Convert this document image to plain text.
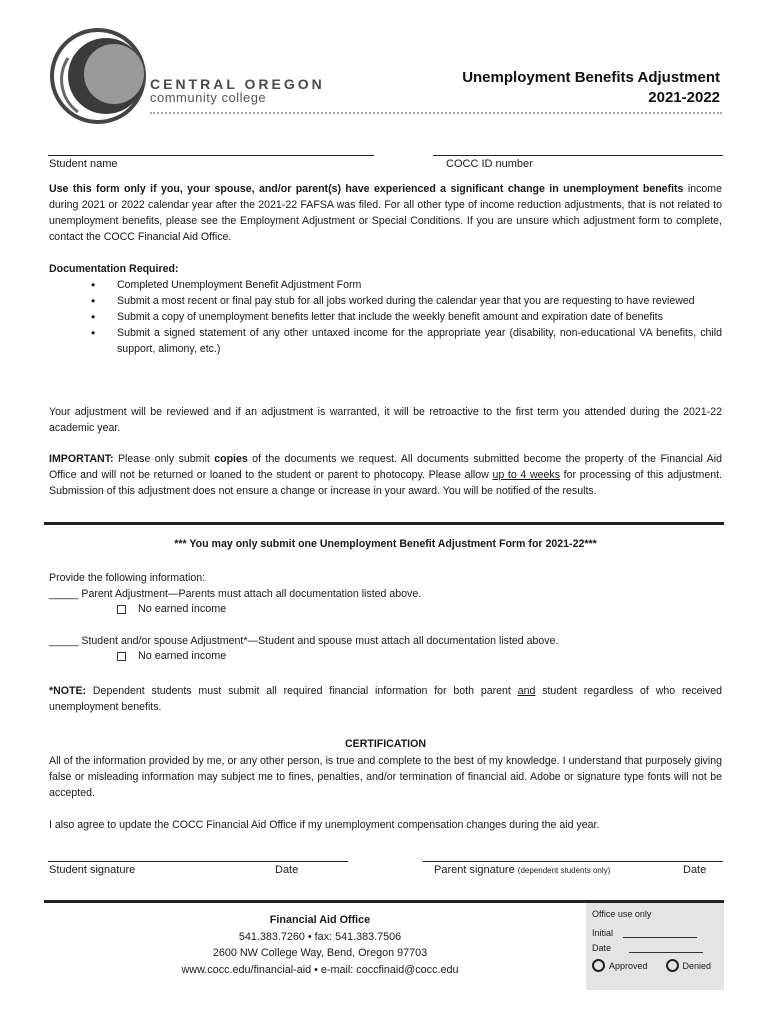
CENTRAL OREGON
community college
Unemployment Benefits Adjustment
2021-2022
Student name	COCC ID number
Use this form only if you, your spouse, and/or parent(s) have experienced a significant change in unemployment benefits income during 2021 or 2022 calendar year after the 2021-22 FAFSA was filed. For all other type of income reduction adjustments, that is not related to unemployment benefits, please see the Employment Adjustment or Special Conditions. If you are unsure which adjustment form to complete, contact the COCC Financial Aid Office.
Documentation Required:
• Completed Unemployment Benefit Adjustment Form
• Submit a most recent or final pay stub for all jobs worked during the calendar year that you are requesting to have reviewed
• Submit a copy of unemployment benefits letter that include the weekly benefit amount and expiration date of benefits
• Submit a signed statement of any other untaxed income for the appropriate year (disability, non-educational VA benefits, child support, alimony, etc.)
Your adjustment will be reviewed and if an adjustment is warranted, it will be retroactive to the first term you attended during the 2021-22 academic year.
IMPORTANT: Please only submit copies of the documents we request. All documents submitted become the property of the Financial Aid Office and will not be returned or loaned to the student or parent to photocopy. Please allow up to 4 weeks for processing of this adjustment. Submission of this adjustment does not ensure a change or increase in your award. You will be notified of the results.
*** You may only submit one Unemployment Benefit Adjustment Form for 2021-22***
Provide the following information:
_____ Parent Adjustment—Parents must attach all documentation listed above.
No earned income
_____ Student and/or spouse Adjustment*—Student and spouse must attach all documentation listed above.
No earned income
*NOTE: Dependent students must submit all required financial information for both parent and student regardless of who received unemployment benefits.
CERTIFICATION
All of the information provided by me, or any other person, is true and complete to the best of my knowledge. I understand that purposely giving false or misleading information may subject me to fines, penalties, and/or termination of financial aid. Adobe or signature type fonts will not be accepted.
I also agree to update the COCC Financial Aid Office if my unemployment compensation changes during the aid year.
Student signature	Date	Parent signature (dependent students only)	Date
Financial Aid Office
541.383.7260 • fax: 541.383.7506
2600 NW College Way, Bend, Oregon 97703
www.cocc.edu/financial-aid • e-mail: coccfinaid@cocc.edu
Office use only
Initial
Date
Approved	Denied
